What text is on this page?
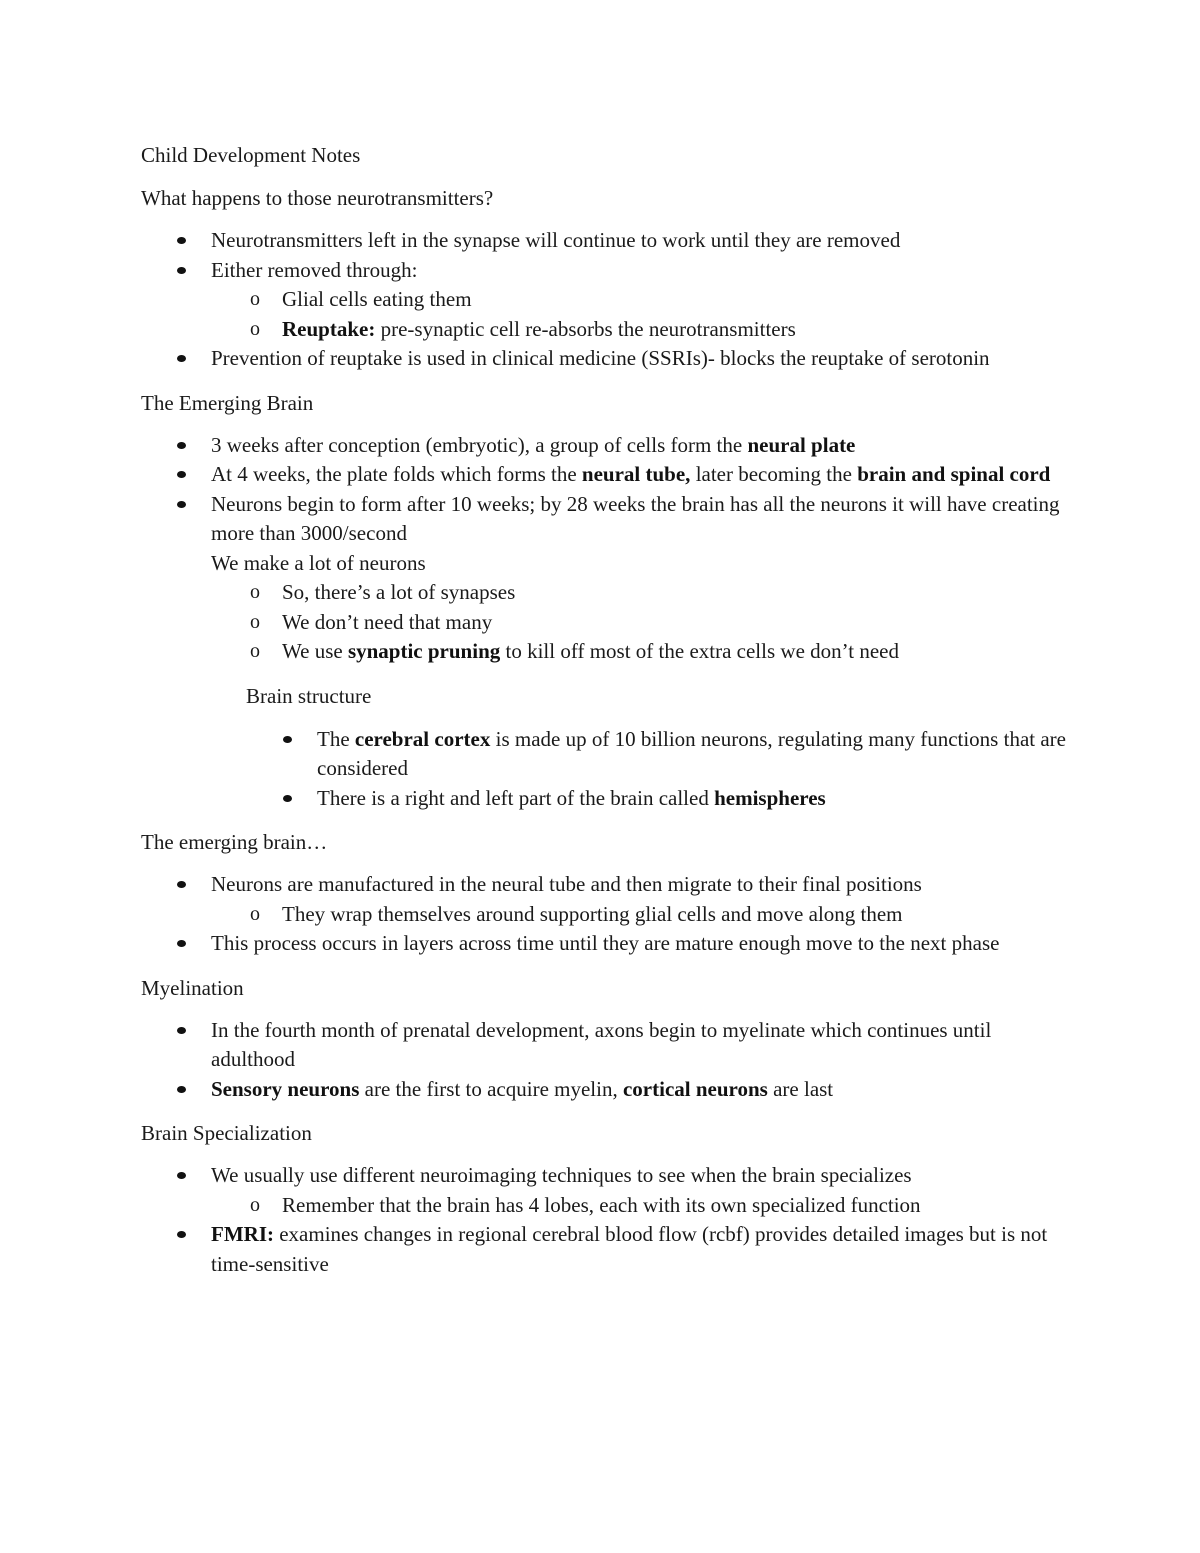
Child Development Notes

What happens to those neurotransmitters?

Neurotransmitters left in the synapse will continue to work until they are removed
Either removed through:
o Glial cells eating them
o Reuptake: pre-synaptic cell re-absorbs the neurotransmitters
Prevention of reuptake is used in clinical medicine (SSRIs)- blocks the reuptake of serotonin

The Emerging Brain

3 weeks after conception (embryotic), a group of cells form the neural plate
At 4 weeks, the plate folds which forms the neural tube, later becoming the brain and spinal cord
Neurons begin to form after 10 weeks; by 28 weeks the brain has all the neurons it will have creating more than 3000/second
We make a lot of neurons
o So, there’s a lot of synapses
o We don’t need that many
o We use synaptic pruning to kill off most of the extra cells we don’t need
Brain structure
The cerebral cortex is made up of 10 billion neurons, regulating many functions that are considered
There is a right and left part of the brain called hemispheres

The emerging brain…

Neurons are manufactured in the neural tube and then migrate to their final positions
o They wrap themselves around supporting glial cells and move along them
This process occurs in layers across time until they are mature enough move to the next phase

Myelination

In the fourth month of prenatal development, axons begin to myelinate which continues until adulthood
Sensory neurons are the first to acquire myelin, cortical neurons are last

Brain Specialization

We usually use different neuroimaging techniques to see when the brain specializes
o Remember that the brain has 4 lobes, each with its own specialized function
FMRI: examines changes in regional cerebral blood flow (rcbf) provides detailed images but is not time-sensitive
